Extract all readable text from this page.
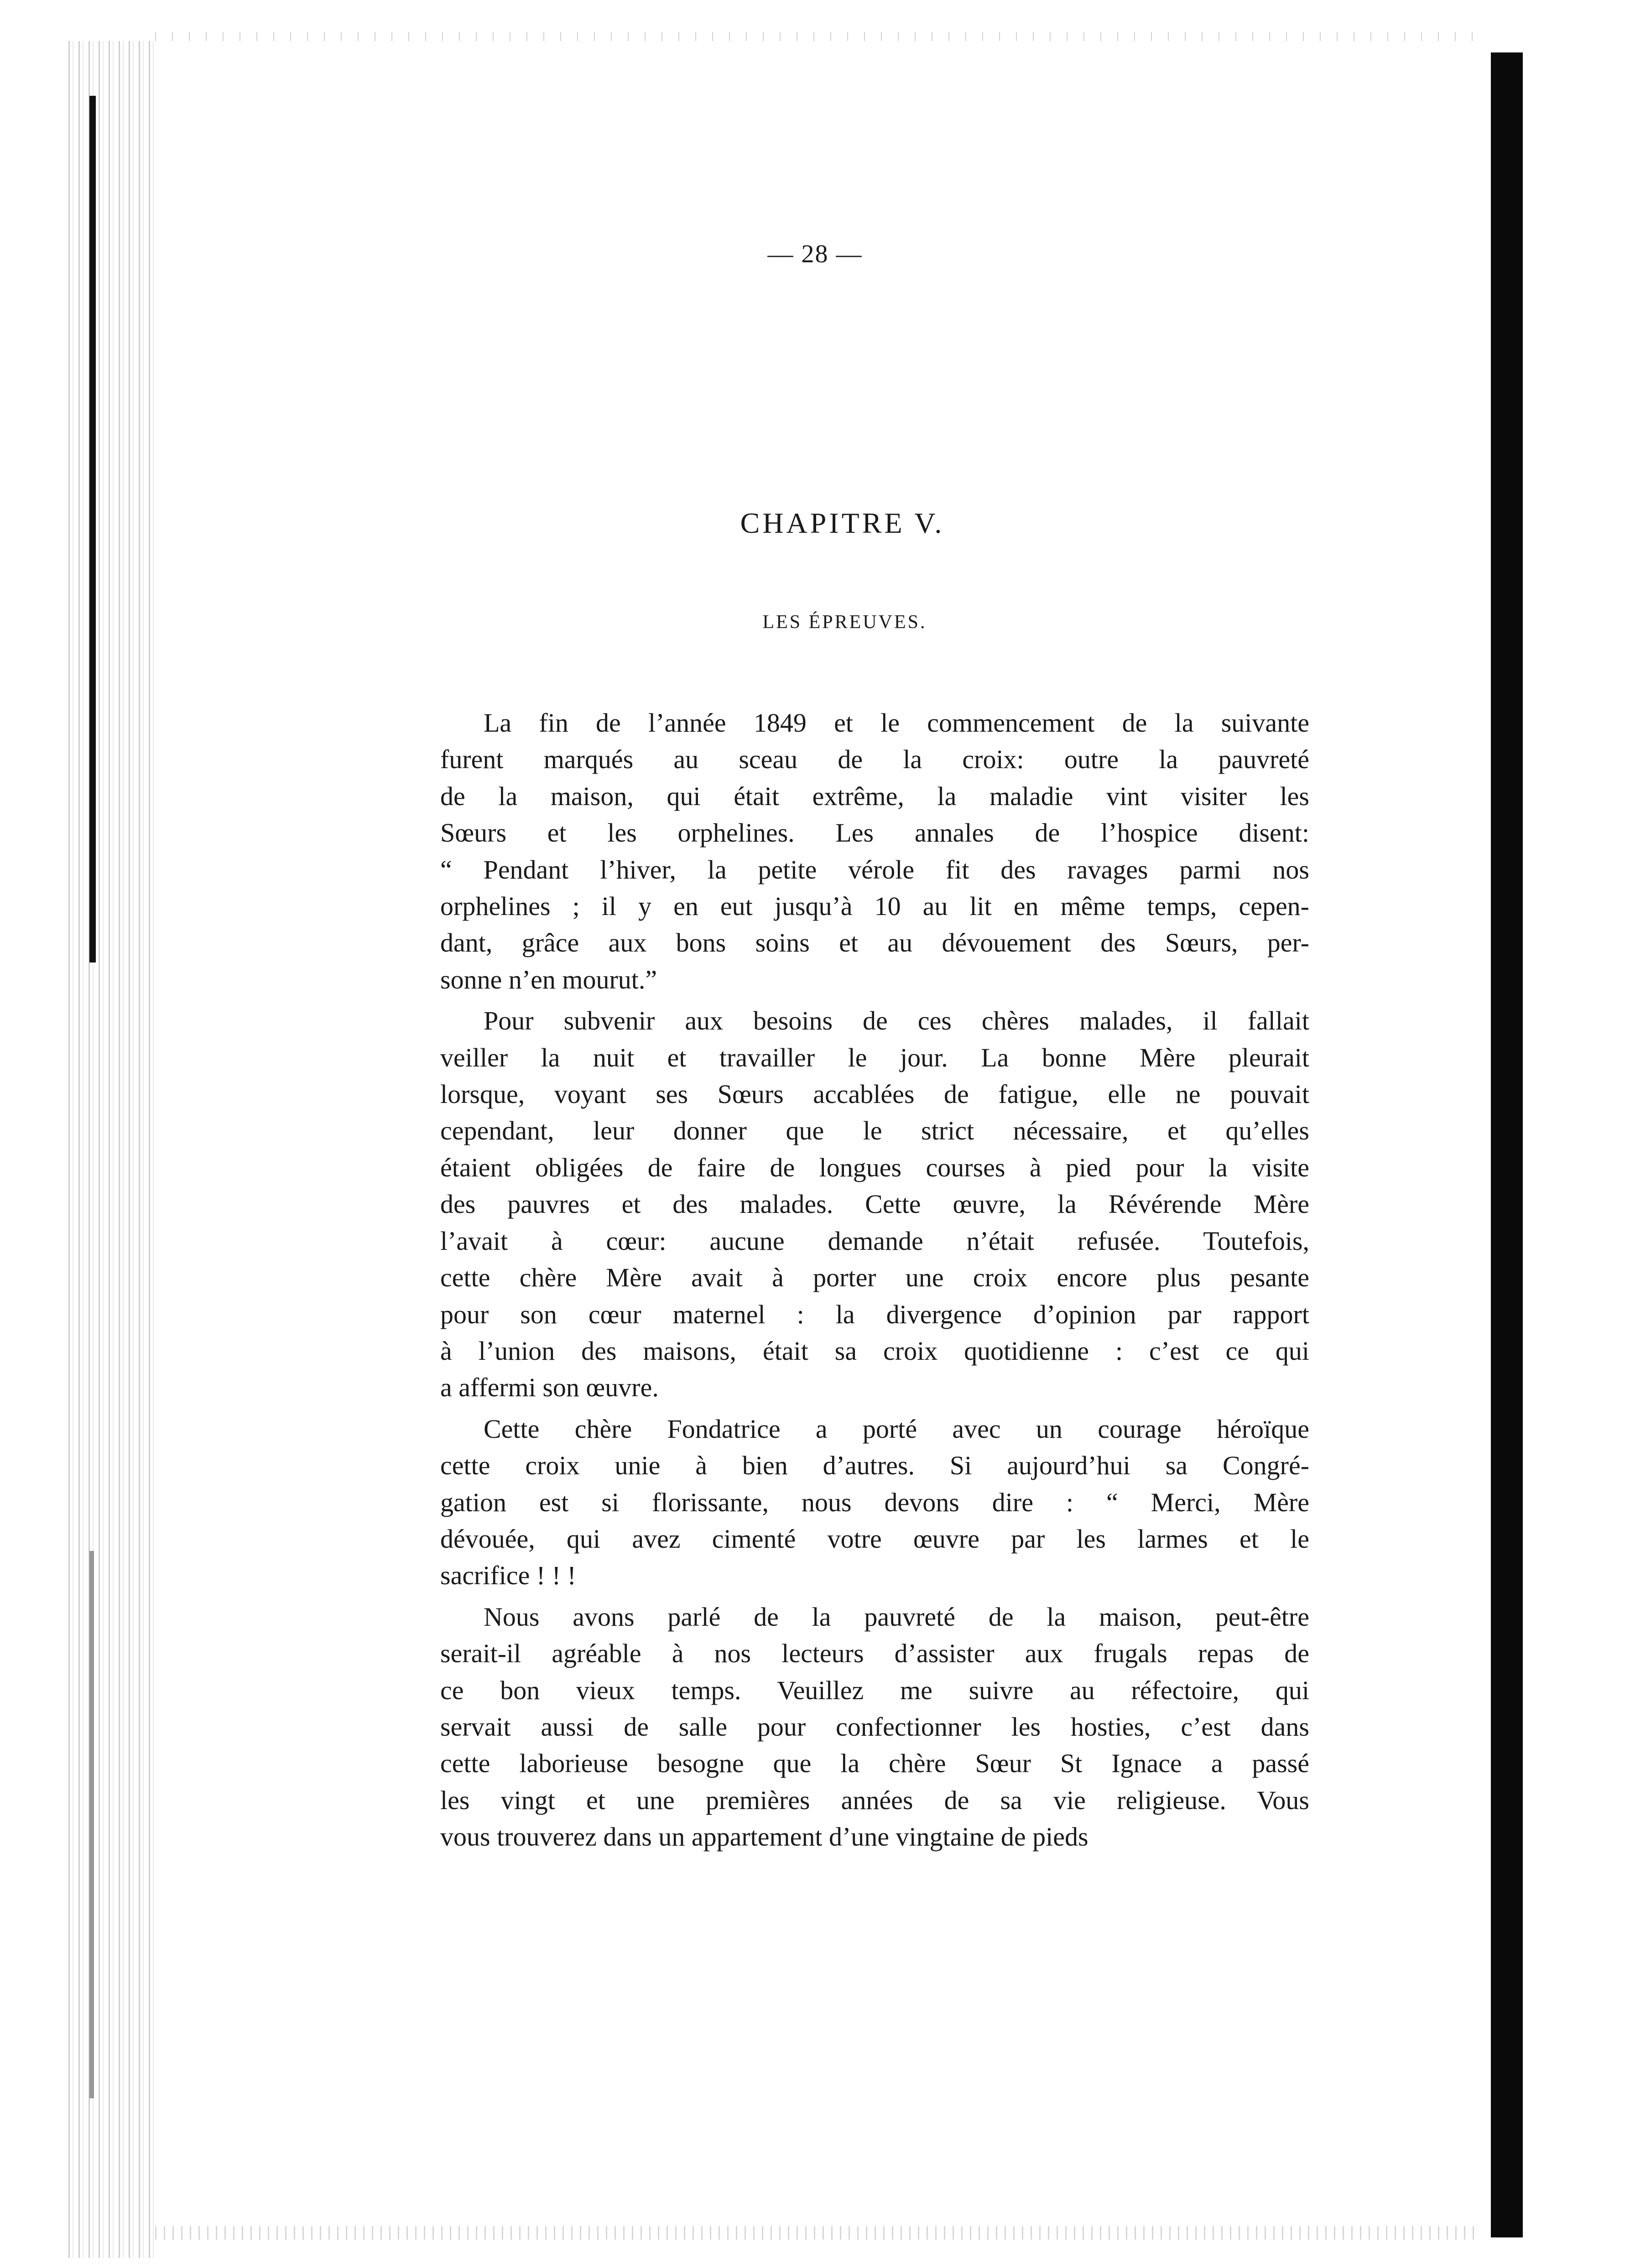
— 28 —
CHAPITRE V.
LES ÉPREUVES.
La fin de l’année 1849 et le commencement de la suivante
furent marqués au sceau de la croix: outre la pauvreté
de la maison, qui était extrême, la maladie vint visiter les
Sœurs et les orphelines. Les annales de l’hospice disent:
“ Pendant l’hiver, la petite vérole fit des ravages parmi nos
orphelines ; il y en eut jusqu’à 10 au lit en même temps, cepen-
dant, grâce aux bons soins et au dévouement des Sœurs, per-
sonne n’en mourut.”
Pour subvenir aux besoins de ces chères malades, il fallait
veiller la nuit et travailler le jour. La bonne Mère pleurait
lorsque, voyant ses Sœurs accablées de fatigue, elle ne pouvait
cependant, leur donner que le strict nécessaire, et qu’elles
étaient obligées de faire de longues courses à pied pour la visite
des pauvres et des malades. Cette œuvre, la Révérende Mère
l’avait à cœur: aucune demande n’était refusée. Toutefois,
cette chère Mère avait à porter une croix encore plus pesante
pour son cœur maternel : la divergence d’opinion par rapport
à l’union des maisons, était sa croix quotidienne : c’est ce qui
a affermi son œuvre.
Cette chère Fondatrice a porté avec un courage héroïque
cette croix unie à bien d’autres. Si aujourd’hui sa Congré-
gation est si florissante, nous devons dire : “ Merci, Mère
dévouée, qui avez cimenté votre œuvre par les larmes et le
sacrifice ! ! !
Nous avons parlé de la pauvreté de la maison, peut-être
serait-il agréable à nos lecteurs d’assister aux frugals repas de
ce bon vieux temps. Veuillez me suivre au réfectoire, qui
servait aussi de salle pour confectionner les hosties, c’est dans
cette laborieuse besogne que la chère Sœur St Ignace a passé
les vingt et une premières années de sa vie religieuse. Vous
vous trouverez dans un appartement d’une vingtaine de pieds
